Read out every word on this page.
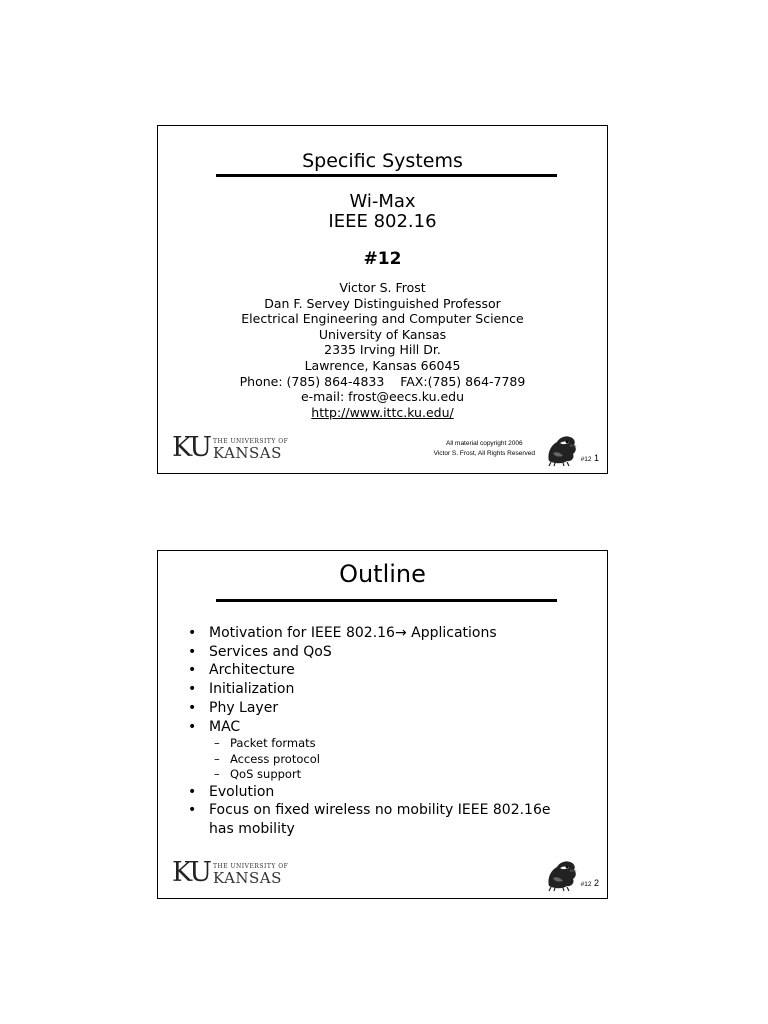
Specific Systems
Wi-Max
IEEE 802.16
#12
Victor S. Frost
Dan F. Servey Distinguished Professor
Electrical Engineering and Computer Science
University of Kansas
2335 Irving Hill Dr.
Lawrence, Kansas 66045
Phone: (785) 864-4833    FAX:(785) 864-7789
e-mail: frost@eecs.ku.edu
http://www.ittc.ku.edu/
KU THE UNIVERSITY OF
KANSAS
All material copyright 2006
Victor S. Frost, All Rights Reserved
#12 1
Outline
• Motivation for IEEE 802.16→ Applications
• Services and QoS
• Architecture
• Initialization
• Phy Layer
• MAC
– Packet formats
– Access protocol
– QoS support
• Evolution
• Focus on fixed wireless no mobility IEEE 802.16e has mobility
KU THE UNIVERSITY OF
KANSAS	#12 2
